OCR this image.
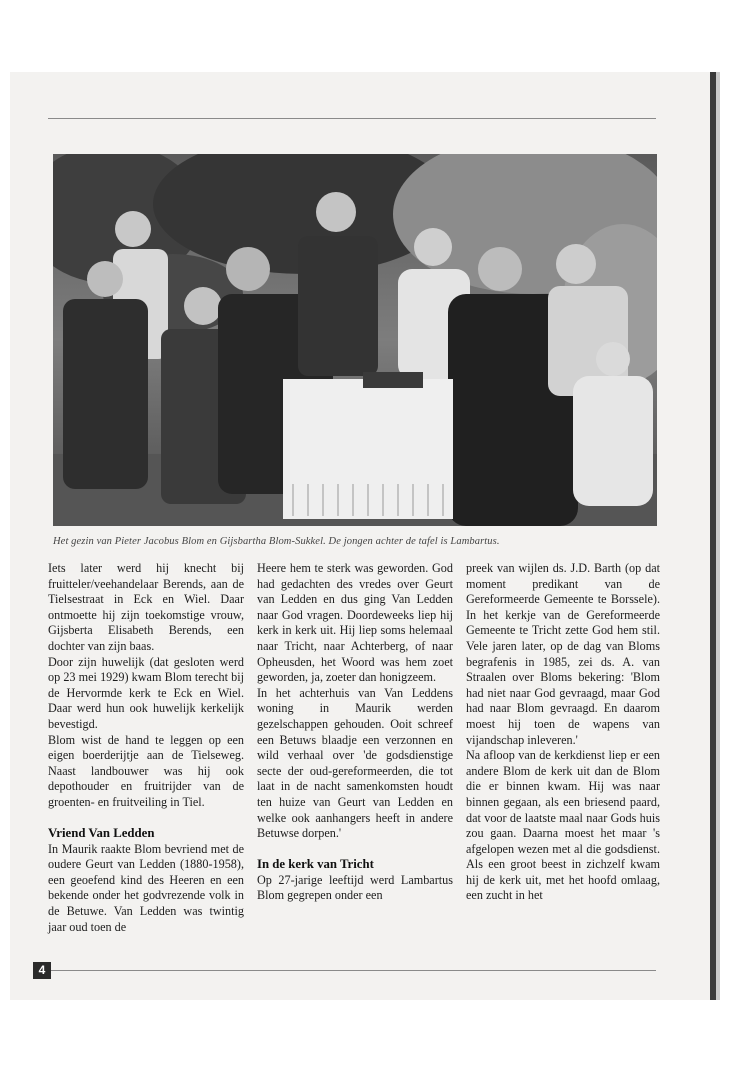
Het gezin van Pieter Jacobus Blom en Gijsbartha Blom-Sukkel. De jongen achter de tafel is Lambartus.

Iets later werd hij knecht bij fruitteler/veehandelaar Berends, aan de Tielsestraat in Eck en Wiel. Daar ontmoette hij zijn toekomstige vrouw, Gijsberta Elisabeth Berends, een dochter van zijn baas.

Door zijn huwelijk (dat gesloten werd op 23 mei 1929) kwam Blom terecht bij de Hervormde kerk te Eck en Wiel. Daar werd hun ook huwelijk kerkelijk bevestigd.

Blom wist de hand te leggen op een eigen boerderijtje aan de Tielseweg. Naast landbouwer was hij ook depothouder en fruitrijder van de groenten- en fruitveiling in Tiel.

Vriend Van Ledden

In Maurik raakte Blom bevriend met de oudere Geurt van Ledden (1880-1958), een geoefend kind des Heeren en een bekende onder het godvrezende volk in de Betuwe. Van Ledden was twintig jaar oud toen de

Heere hem te sterk was geworden. God had gedachten des vredes over Geurt van Ledden en dus ging Van Ledden naar God vragen. Doordeweeks liep hij kerk in kerk uit. Hij liep soms helemaal naar Tricht, naar Achterberg, of naar Opheusden, het Woord was hem zoet geworden, ja, zoeter dan honigzeem.

In het achterhuis van Van Leddens woning in Maurik werden gezelschappen gehouden. Ooit schreef een Betuws blaadje een verzonnen en wild verhaal over 'de godsdienstige secte der oud-gereformeerden, die tot laat in de nacht samenkomsten houdt ten huize van Geurt van Ledden en welke ook aanhangers heeft in andere Betuwse dorpen.'

In de kerk van Tricht

Op 27-jarige leeftijd werd Lambartus Blom gegrepen onder een

preek van wijlen ds. J.D. Barth (op dat moment predikant van de Gereformeerde Gemeente te Borssele). In het kerkje van de Gereformeerde Gemeente te Tricht zette God hem stil. Vele jaren later, op de dag van Bloms begrafenis in 1985, zei ds. A. van Straalen over Bloms bekering: 'Blom had niet naar God gevraagd, maar God had naar Blom gevraagd. En daarom moest hij toen de wapens van vijandschap inleveren.'

Na afloop van de kerkdienst liep er een andere Blom de kerk uit dan de Blom die er binnen kwam. Hij was naar binnen gegaan, als een briesend paard, dat voor de laatste maal naar Gods huis zou gaan. Daarna moest het maar 's afgelopen wezen met al die godsdienst. Als een groot beest in zichzelf kwam hij de kerk uit, met het hoofd omlaag, een zucht in het

4
